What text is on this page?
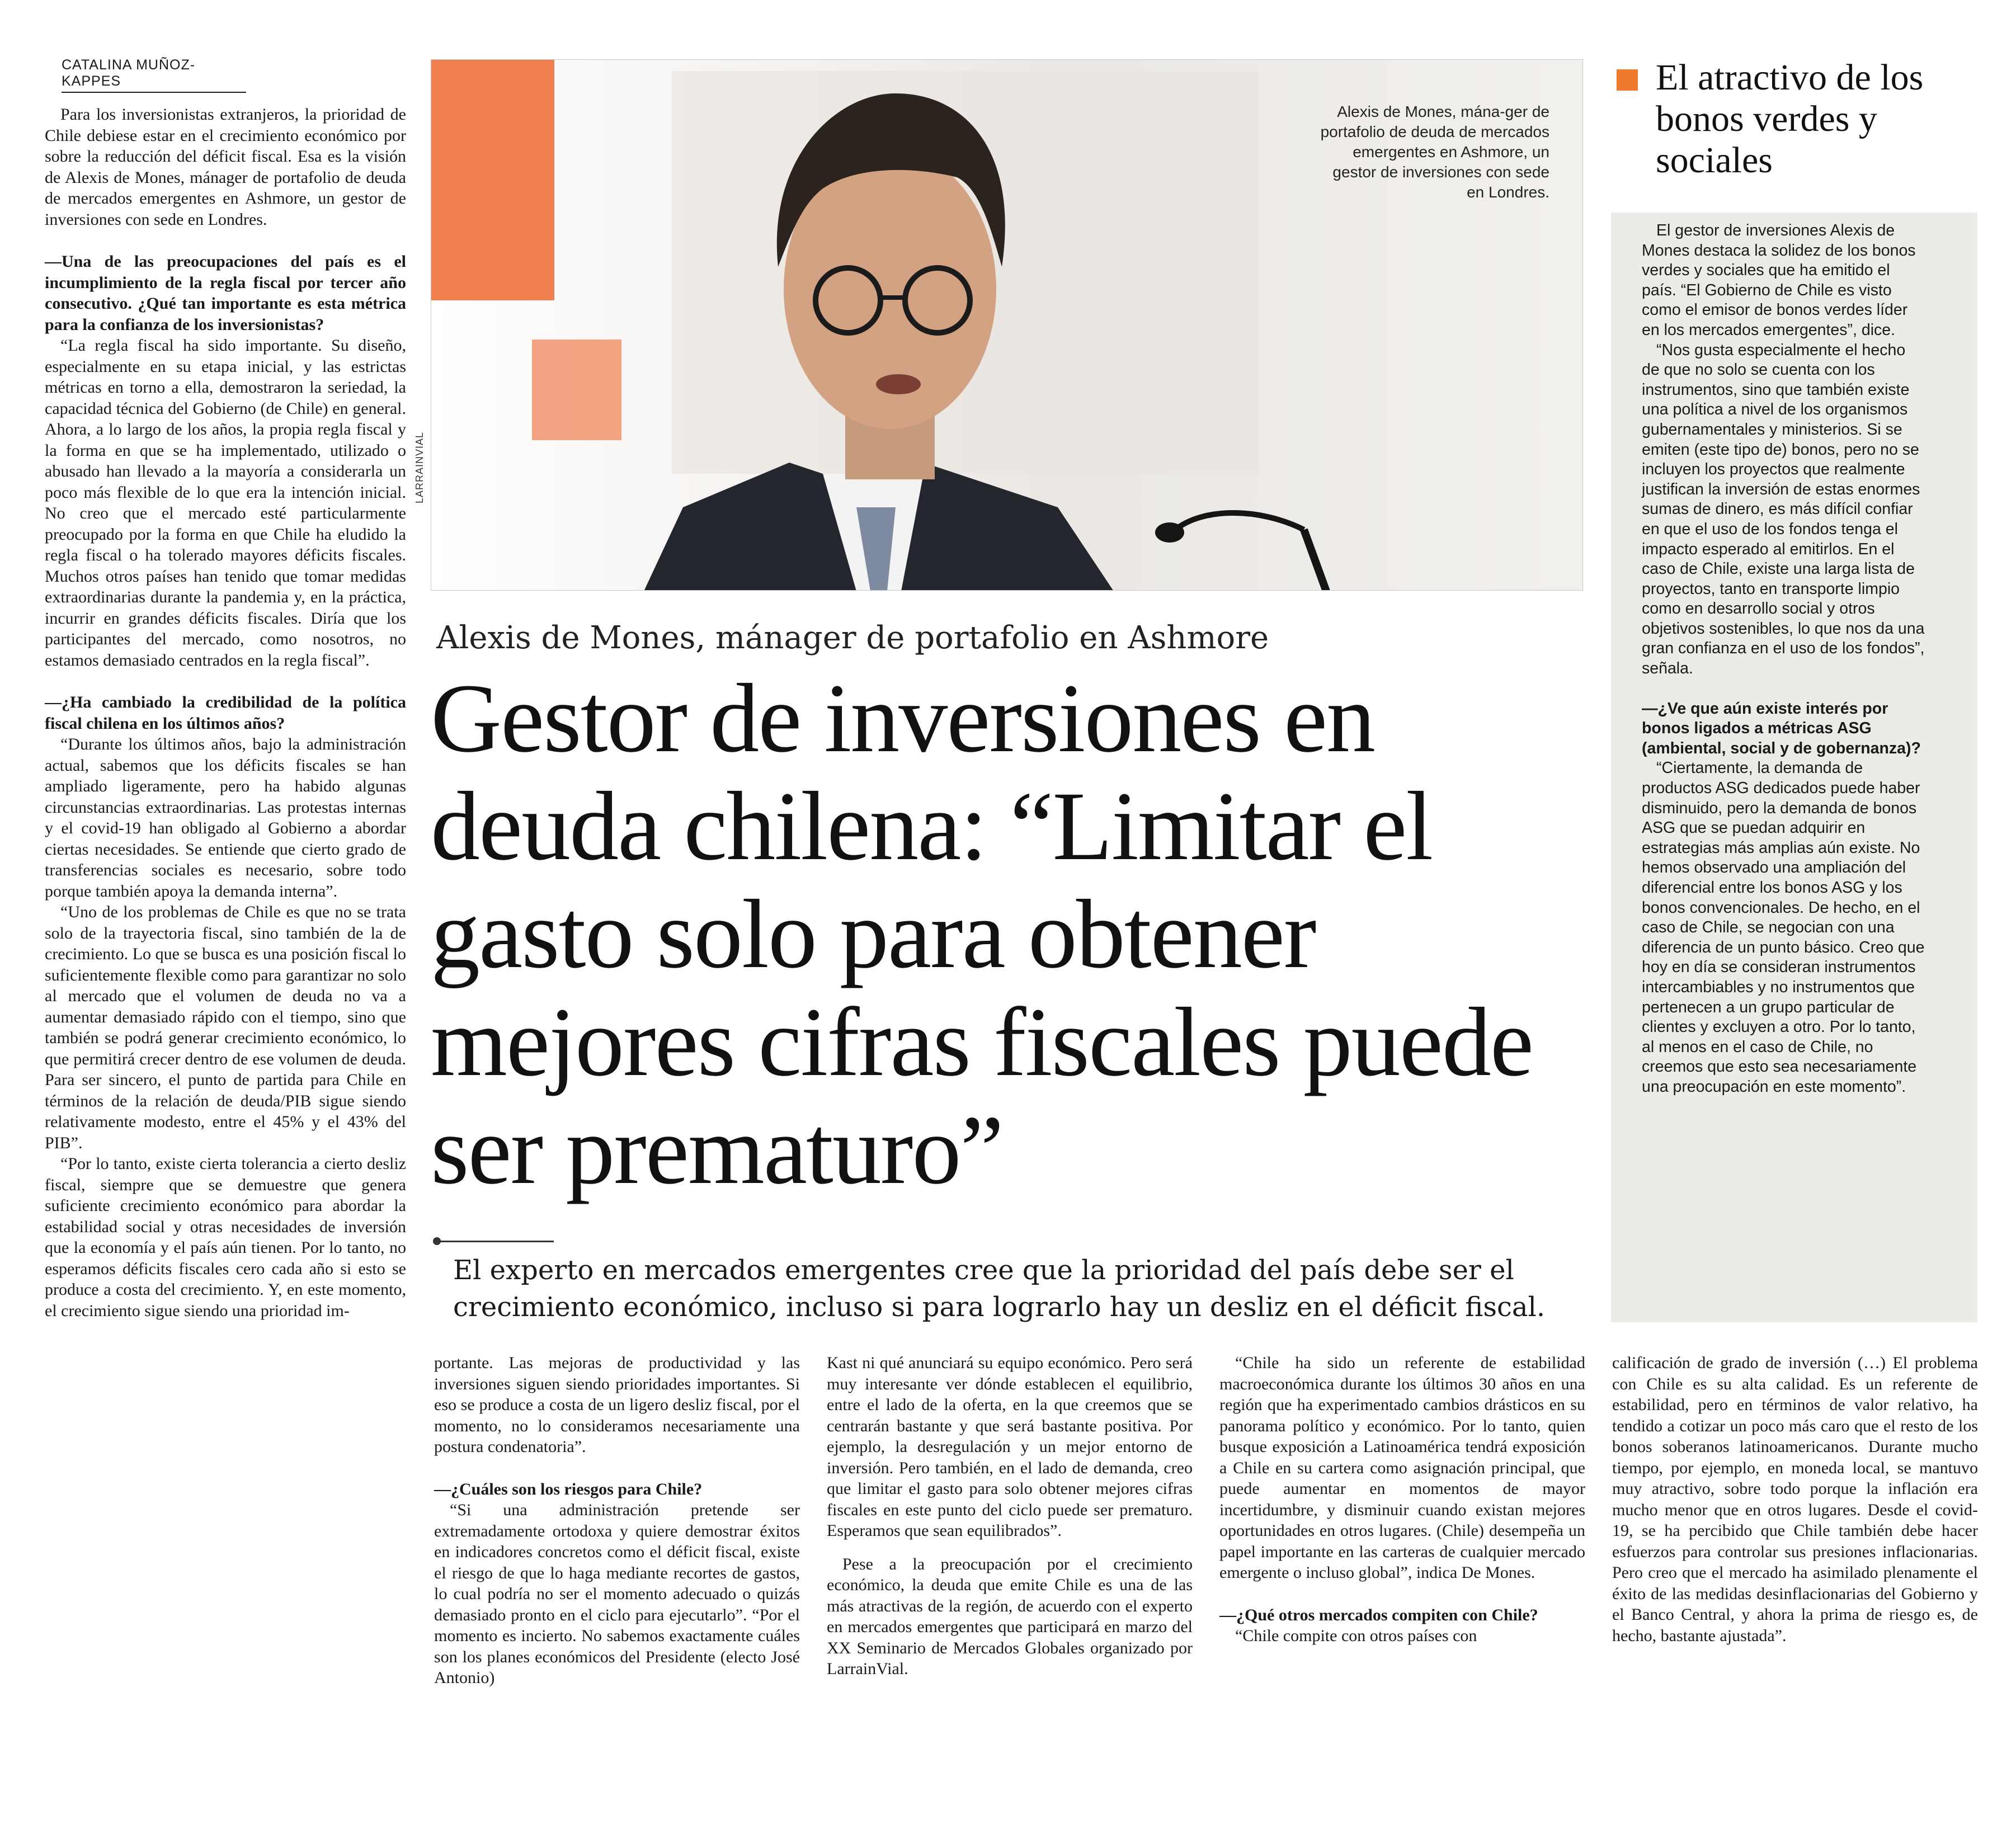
CATALINA MUÑOZ-KAPPES

Para los inversionistas extranjeros, la prioridad de Chile debiese estar en el crecimiento económico por sobre la reducción del déficit fiscal. Esa es la visión de Alexis de Mones, mánager de portafolio de deuda de mercados emergentes en Ashmore, un gestor de inversiones con sede en Londres.

—Una de las preocupaciones del país es el incumplimiento de la regla fiscal por tercer año consecutivo. ¿Qué tan importante es esta métrica para la confianza de los inversionistas?

“La regla fiscal ha sido importante. Su diseño, especialmente en su etapa inicial, y las estrictas métricas en torno a ella, demostraron la seriedad, la capacidad técnica del Gobierno (de Chile) en general. Ahora, a lo largo de los años, la propia regla fiscal y la forma en que se ha implementado, utilizado o abusado han llevado a la mayoría a considerarla un poco más flexible de lo que era la intención inicial. No creo que el mercado esté particularmente preocupado por la forma en que Chile ha eludido la regla fiscal o ha tolerado mayores déficits fiscales. Muchos otros países han tenido que tomar medidas extraordinarias durante la pandemia y, en la práctica, incurrir en grandes déficits fiscales. Diría que los participantes del mercado, como nosotros, no estamos demasiado centrados en la regla fiscal”.

—¿Ha cambiado la credibilidad de la política fiscal chilena en los últimos años?

“Durante los últimos años, bajo la administración actual, sabemos que los déficits fiscales se han ampliado ligeramente, pero ha habido algunas circunstancias extraordinarias. Las protestas internas y el covid-19 han obligado al Gobierno a abordar ciertas necesidades. Se entiende que cierto grado de transferencias sociales es necesario, sobre todo porque también apoya la demanda interna”.

“Uno de los problemas de Chile es que no se trata solo de la trayectoria fiscal, sino también de la de crecimiento. Lo que se busca es una posición fiscal lo suficientemente flexible como para garantizar no solo al mercado que el volumen de deuda no va a aumentar demasiado rápido con el tiempo, sino que también se podrá generar crecimiento económico, lo que permitirá crecer dentro de ese volumen de deuda. Para ser sincero, el punto de partida para Chile en términos de la relación de deuda/PIB sigue siendo relativamente modesto, entre el 45% y el 43% del PIB”.

“Por lo tanto, existe cierta tolerancia a cierto desliz fiscal, siempre que se demuestre que genera suficiente crecimiento económico para abordar la estabilidad social y otras necesidades de inversión que la economía y el país aún tienen. Por lo tanto, no esperamos déficits fiscales cero cada año si esto se produce a costa del crecimiento. Y, en este momento, el crecimiento sigue siendo una prioridad im-

LARRAINVIAL
Alexis de Mones, mána-ger de portafolio de deuda de mercados emergentes en Ashmore, un gestor de inversiones con sede en Londres.
Alexis de Mones, mánager de portafolio en Ashmore
Gestor de inversiones en deuda chilena: “Limitar el gasto solo para obtener mejores cifras fiscales puede ser prematuro”
El experto en mercados emergentes cree que la prioridad del país debe ser el crecimiento económico, incluso si para lograrlo hay un desliz en el déficit fiscal.

portante. Las mejoras de productividad y las inversiones siguen siendo prioridades importantes. Si eso se produce a costa de un ligero desliz fiscal, por el momento, no lo consideramos necesariamente una postura condenatoria”.

—¿Cuáles son los riesgos para Chile?

“Si una administración pretende ser extremadamente ortodoxa y quiere demostrar éxitos en indicadores concretos como el déficit fiscal, existe el riesgo de que lo haga mediante recortes de gastos, lo cual podría no ser el momento adecuado o quizás demasiado pronto en el ciclo para ejecutarlo”. “Por el momento es incierto. No sabemos exactamente cuáles son los planes económicos del Presidente (electo José Antonio)

Kast ni qué anunciará su equipo económico. Pero será muy interesante ver dónde establecen el equilibrio, entre el lado de la oferta, en la que creemos que se centrarán bastante y que será bastante positiva. Por ejemplo, la desregulación y un mejor entorno de inversión. Pero también, en el lado de demanda, creo que limitar el gasto para solo obtener mejores cifras fiscales en este punto del ciclo puede ser prematuro. Esperamos que sean equilibrados”.

Pese a la preocupación por el crecimiento económico, la deuda que emite Chile es una de las más atractivas de la región, de acuerdo con el experto en mercados emergentes que participará en marzo del XX Seminario de Mercados Globales organizado por LarrainVial.

“Chile ha sido un referente de estabilidad macroeconómica durante los últimos 30 años en una región que ha experimentado cambios drásticos en su panorama político y económico. Por lo tanto, quien busque exposición a Latinoamérica tendrá exposición a Chile en su cartera como asignación principal, que puede aumentar en momentos de mayor incertidumbre, y disminuir cuando existan mejores oportunidades en otros lugares. (Chile) desempeña un papel importante en las carteras de cualquier mercado emergente o incluso global”, indica De Mones.

—¿Qué otros mercados compiten con Chile?

“Chile compite con otros países con

calificación de grado de inversión (…) El problema con Chile es su alta calidad. Es un referente de estabilidad, pero en términos de valor relativo, ha tendido a cotizar un poco más caro que el resto de los bonos soberanos latinoamericanos. Durante mucho tiempo, por ejemplo, en moneda local, se mantuvo muy atractivo, sobre todo porque la inflación era mucho menor que en otros lugares. Desde el covid-19, se ha percibido que Chile también debe hacer esfuerzos para controlar sus presiones inflacionarias. Pero creo que el mercado ha asimilado plenamente el éxito de las medidas desinflacionarias del Gobierno y el Banco Central, y ahora la prima de riesgo es, de hecho, bastante ajustada”.

El atractivo de los bonos verdes y sociales

El gestor de inversiones Alexis de Mones destaca la solidez de los bonos verdes y sociales que ha emitido el país. “El Gobierno de Chile es visto como el emisor de bonos verdes líder en los mercados emergentes”, dice.

“Nos gusta especialmente el hecho de que no solo se cuenta con los instrumentos, sino que también existe una política a nivel de los organismos gubernamentales y ministerios. Si se emiten (este tipo de) bonos, pero no se incluyen los proyectos que realmente justifican la inversión de estas enormes sumas de dinero, es más difícil confiar en que el uso de los fondos tenga el impacto esperado al emitirlos. En el caso de Chile, existe una larga lista de proyectos, tanto en transporte limpio como en desarrollo social y otros objetivos sostenibles, lo que nos da una gran confianza en el uso de los fondos”, señala.

—¿Ve que aún existe interés por bonos ligados a métricas ASG (ambiental, social y de gobernanza)?

“Ciertamente, la demanda de productos ASG dedicados puede haber disminuido, pero la demanda de bonos ASG que se puedan adquirir en estrategias más amplias aún existe. No hemos observado una ampliación del diferencial entre los bonos ASG y los bonos convencionales. De hecho, en el caso de Chile, se negocian con una diferencia de un punto básico. Creo que hoy en día se consideran instrumentos intercambiables y no instrumentos que pertenecen a un grupo particular de clientes y excluyen a otro. Por lo tanto, al menos en el caso de Chile, no creemos que esto sea necesariamente una preocupación en este momento”.
